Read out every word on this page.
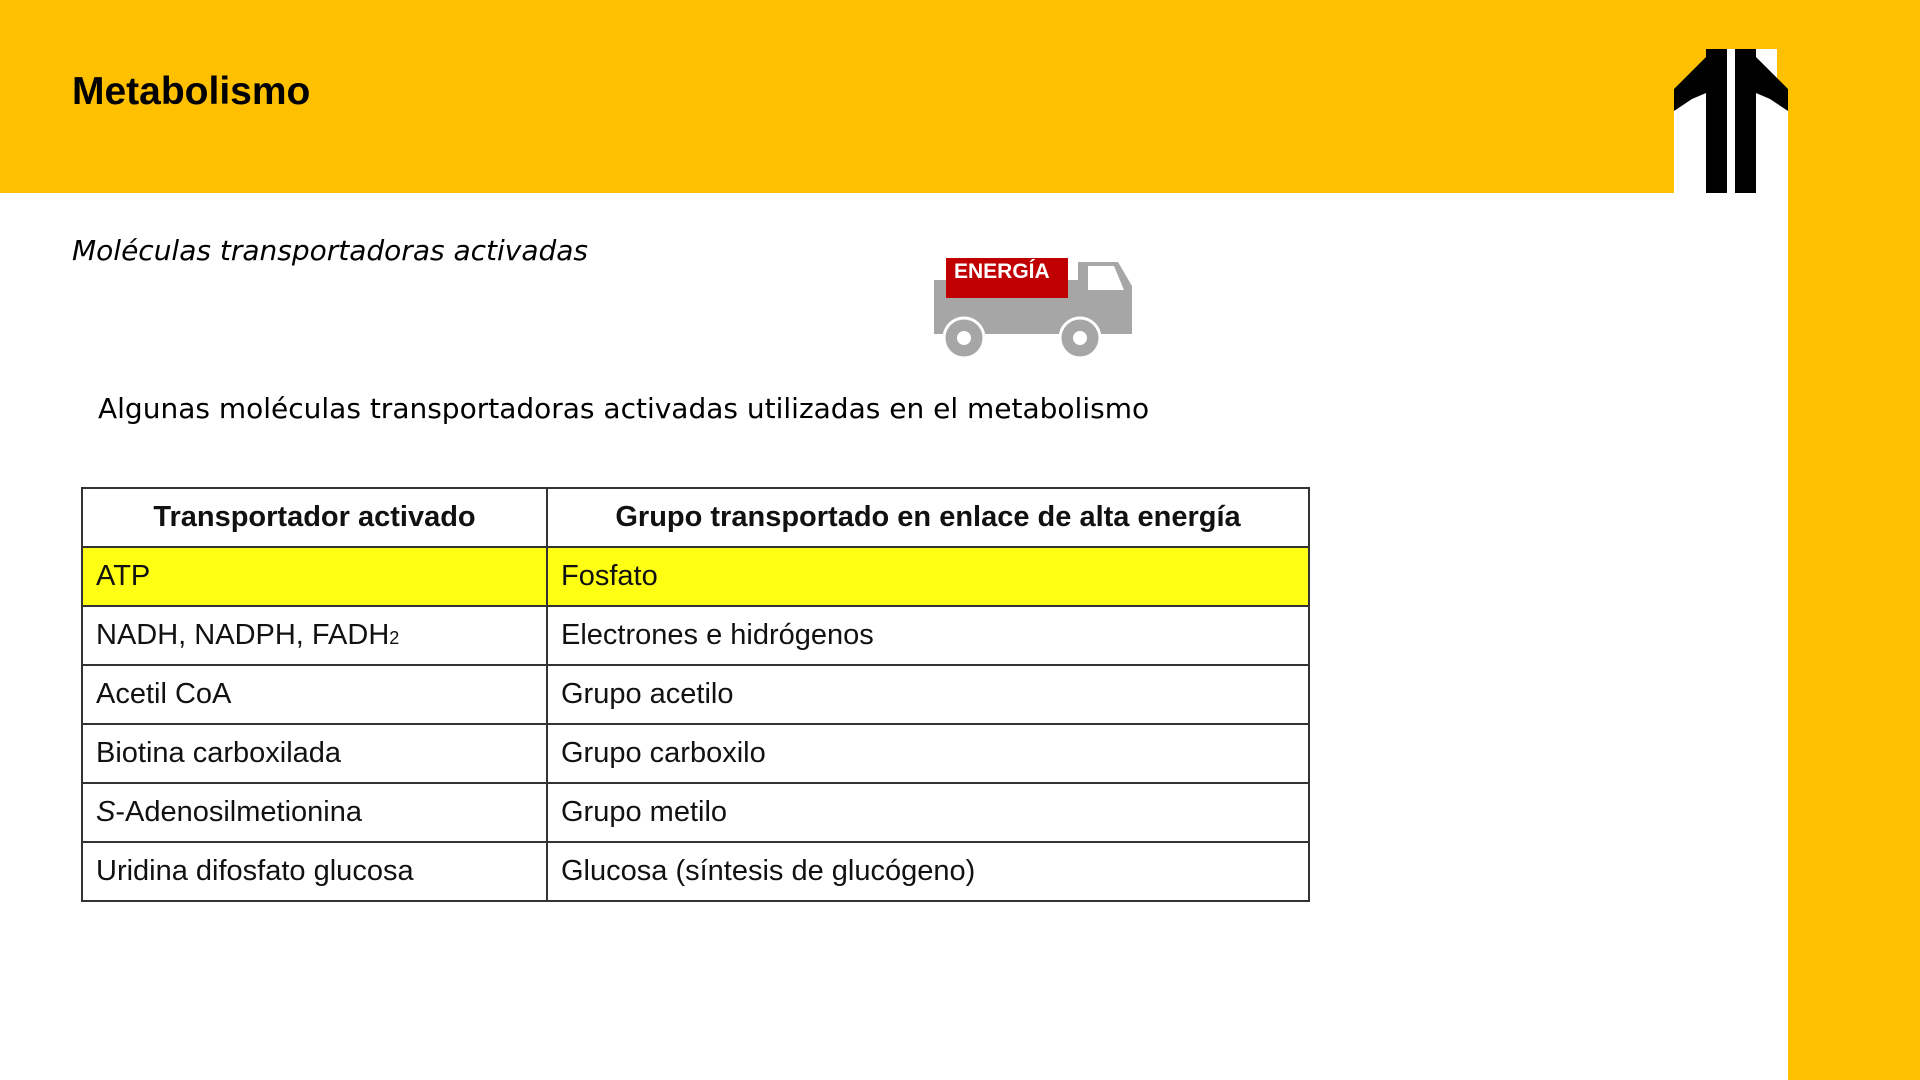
Metabolismo
Moléculas transportadoras activadas
ENERGÍA
Algunas moléculas transportadoras activadas utilizadas en el metabolismo
Transportador activado	Grupo transportado en enlace de alta energía
ATP	Fosfato
NADH, NADPH, FADH2	Electrones e hidrógenos
Acetil CoA	Grupo acetilo
Biotina carboxilada	Grupo carboxilo
S-Adenosilmetionina	Grupo metilo
Uridina difosfato glucosa	Glucosa (síntesis de glucógeno)
